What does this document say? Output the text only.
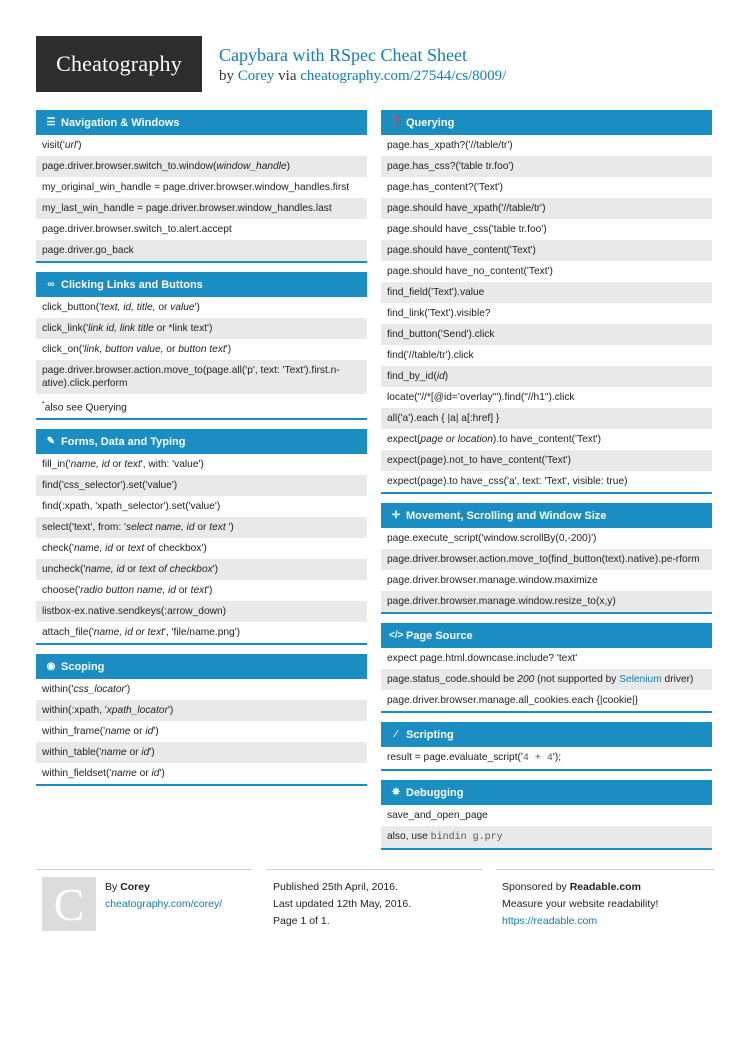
Cheatography Capybara with RSpec Cheat Sheet
by Corey via cheatography.com/27544/cs/8009/
☰ Navigation & Windows
visit('url')
page.driver.browser.switch_to.window(window_handle)
my_original_win_handle = page.driver.browser.window_handles.first
my_last_win_handle = page.driver.browser.window_handles.last
page.driver.browser.switch_to.alert.accept
page.driver.go_back
∞ Clicking Links and Buttons
click_button('text, id, title, or value')
click_link('link id, link title or *link text')
click_on('link, button value, or button text')
page.driver.browser.action.move_to(page.all('p', text: 'Text').first.n-ative).click.perform
*also see Querying
✎ Forms, Data and Typing
fill_in('name, id or text', with: 'value')
find('css_selector').set('value')
find(:xpath, 'xpath_selector').set('value')
select('text', from: 'select name, id or text ')
check('name, id or text of checkbox')
uncheck('name, id or text of checkbox')
choose('radio button name, id or text')
listbox-ex.native.sendkeys(:arrow_down)
attach_file('name, id or text', 'file/name.png')
◉ Scoping
within('css_locator')
within(:xpath, 'xpath_locator')
within_frame('name or id')
within_table('name or id')
within_fieldset('name or id')
❓ Querying
page.has_xpath?('//table/tr')
page.has_css?('table tr.foo')
page.has_content?('Text')
page.should have_xpath('//table/tr')
page.should have_css('table tr.foo')
page.should have_content('Text')
page.should have_no_content('Text')
find_field('Text').value
find_link('Text').visible?
find_button('Send').click
find('//table/tr').click
find_by_id(id)
locate("//*[@id='overlay'").find("//h1").click
all('a').each { |a| a[:href] }
expect(page or location).to have_content('Text')
expect(page).not_to have_content('Text')
expect(page).to have_css('a', text: 'Text', visible: true)
✛ Movement, Scrolling and Window Size
page.execute_script('window.scrollBy(0,-200)')
page.driver.browser.action.move_to(find_button(text).native).pe-rform
page.driver.browser.manage.window.maximize
page.driver.browser.manage.window.resize_to(x,y)
</> Page Source
expect page.html.downcase.include? 'text'
page.status_code.should be 200 (not supported by Selenium driver)
page.driver.browser.manage.all_cookies.each {|cookie|}
∕ Scripting
result = page.evaluate_script('4 + 4');
✸ Debugging
save_and_open_page
also, use bindin g.pry
C By Corey
cheatography.com/corey/
Published 25th April, 2016.
Last updated 12th May, 2016.
Page 1 of 1.
Sponsored by Readable.com
Measure your website readability!
https://readable.com
